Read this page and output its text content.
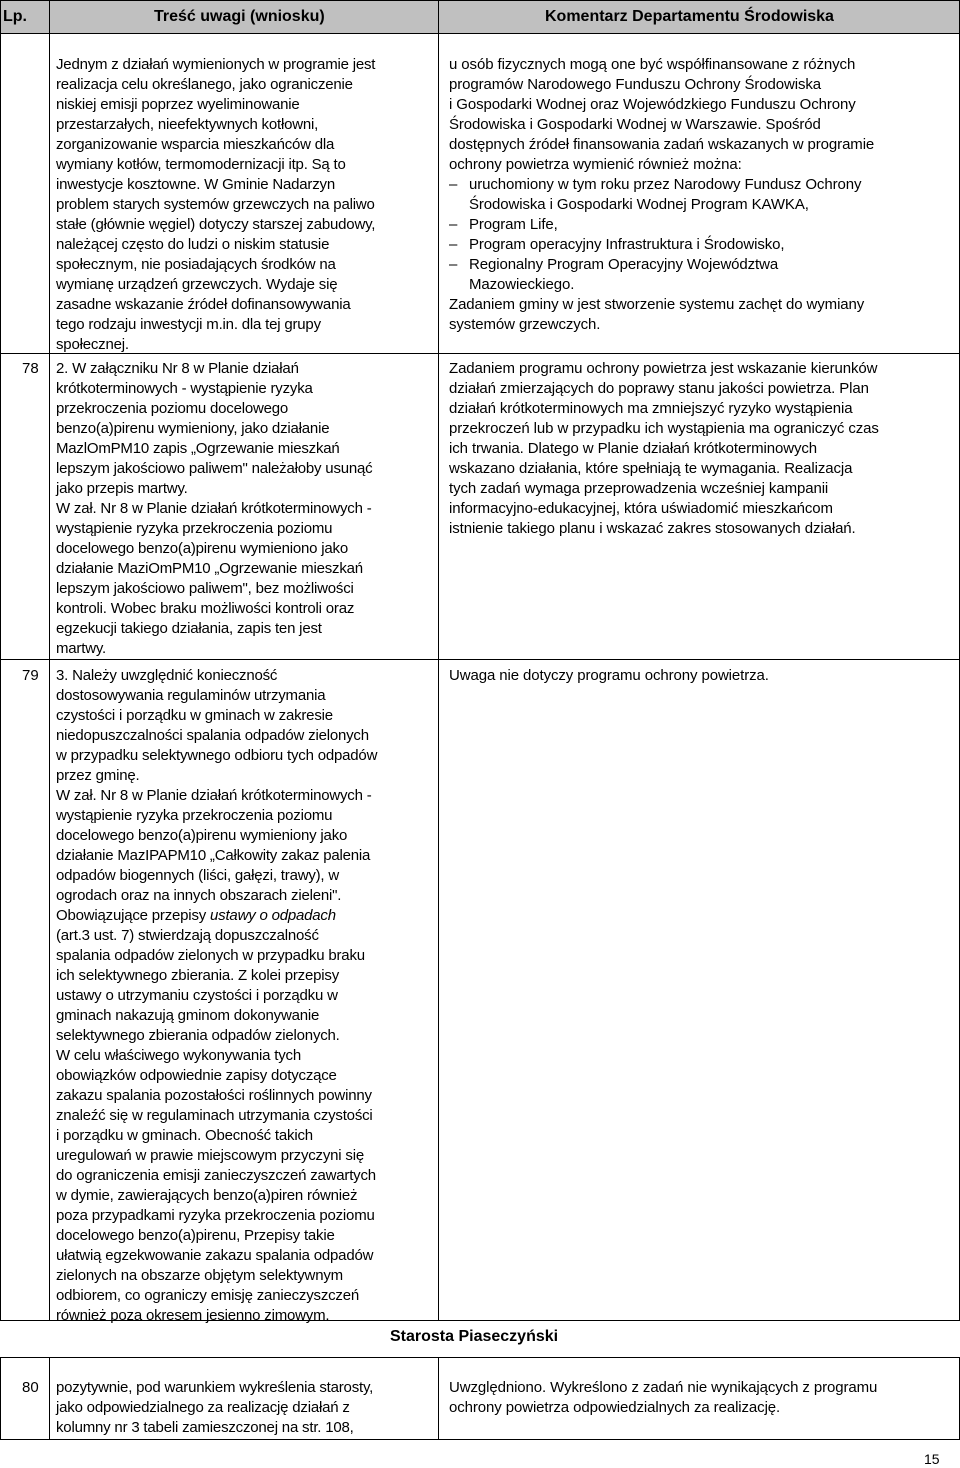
Lp.	Treść uwagi (wniosku)	Komentarz Departamentu Środowiska
Jednym z działań wymienionych w programie jest
realizacja celu określanego, jako ograniczenie
niskiej emisji poprzez wyeliminowanie
przestarzałych, nieefektywnych kotłowni,
zorganizowanie wsparcia mieszkańców dla
wymiany kotłów, termomodernizacji itp. Są to
inwestycje kosztowne. W Gminie Nadarzyn
problem starych systemów grzewczych na paliwo
stałe (głównie węgiel) dotyczy starszej zabudowy,
należącej często do ludzi o niskim statusie
społecznym, nie posiadających środków na
wymianę urządzeń grzewczych. Wydaje się
zasadne wskazanie źródeł dofinansowywania
tego rodzaju inwestycji m.in. dla tej grupy
społecznej.
u osób fizycznych mogą one być współfinansowane z różnych
programów Narodowego Funduszu Ochrony Środowiska
i Gospodarki Wodnej oraz Wojewódzkiego Funduszu Ochrony
Środowiska i Gospodarki Wodnej w Warszawie. Spośród
dostępnych źródeł finansowania zadań wskazanych w programie
ochrony powietrza wymienić również można:
– uruchomiony w tym roku przez Narodowy Fundusz Ochrony
Środowiska i Gospodarki Wodnej Program KAWKA,
– Program Life,
– Program operacyjny Infrastruktura i Środowisko,
– Regionalny Program Operacyjny Województwa
Mazowieckiego.
Zadaniem gminy w jest stworzenie systemu zachęt do wymiany
systemów grzewczych.
78 2. W załączniku Nr 8 w Planie działań
krótkoterminowych - wystąpienie ryzyka
przekroczenia poziomu docelowego
benzo(a)pirenu wymieniony, jako działanie
MazlOmPM10 zapis „Ogrzewanie mieszkań
lepszym jakościowo paliwem" należałoby usunąć
jako przepis martwy.
W zał. Nr 8 w Planie działań krótkoterminowych -
wystąpienie ryzyka przekroczenia poziomu
docelowego benzo(a)pirenu wymieniono jako
działanie MaziOmPM10 „Ogrzewanie mieszkań
lepszym jakościowo paliwem", bez możliwości
kontroli. Wobec braku możliwości kontroli oraz
egzekucji takiego działania, zapis ten jest
martwy.
Zadaniem programu ochrony powietrza jest wskazanie kierunków
działań zmierzających do poprawy stanu jakości powietrza. Plan
działań krótkoterminowych ma zmniejszyć ryzyko wystąpienia
przekroczeń lub w przypadku ich wystąpienia ma ograniczyć czas
ich trwania. Dlatego w Planie działań krótkoterminowych
wskazano działania, które spełniają te wymagania. Realizacja
tych zadań wymaga przeprowadzenia wcześniej kampanii
informacyjno-edukacyjnej, która uświadomić mieszkańcom
istnienie takiego planu i wskazać zakres stosowanych działań.
79 3. Należy uwzględnić konieczność
dostosowywania regulaminów utrzymania
czystości i porządku w gminach w zakresie
niedopuszczalności spalania odpadów zielonych
w przypadku selektywnego odbioru tych odpadów
przez gminę.
W zał. Nr 8 w Planie działań krótkoterminowych -
wystąpienie ryzyka przekroczenia poziomu
docelowego benzo(a)pirenu wymieniony jako
działanie MazIPAPM10 „Całkowity zakaz palenia
odpadów biogennych (liści, gałęzi, trawy), w
ogrodach oraz na innych obszarach zieleni".
Obowiązujące przepisy ustawy o odpadach
(art.3 ust. 7) stwierdzają dopuszczalność
spalania odpadów zielonych w przypadku braku
ich selektywnego zbierania. Z kolei przepisy
ustawy o utrzymaniu czystości i porządku w
gminach nakazują gminom dokonywanie
selektywnego zbierania odpadów zielonych.
W celu właściwego wykonywania tych
obowiązków odpowiednie zapisy dotyczące
zakazu spalania pozostałości roślinnych powinny
znaleźć się w regulaminach utrzymania czystości
i porządku w gminach. Obecność takich
uregulowań w prawie miejscowym przyczyni się
do ograniczenia emisji zanieczyszczeń zawartych
w dymie, zawierających benzo(a)piren również
poza przypadkami ryzyka przekroczenia poziomu
docelowego benzo(a)pirenu, Przepisy takie
ułatwią egzekwowanie zakazu spalania odpadów
zielonych na obszarze objętym selektywnym
odbiorem, co ograniczy emisję zanieczyszczeń
również poza okresem jesienno zimowym.
Uwaga nie dotyczy programu ochrony powietrza.
Starosta Piaseczyński
80 pozytywnie, pod warunkiem wykreślenia starosty,
jako odpowiedzialnego za realizację działań z
kolumny nr 3 tabeli zamieszczonej na str. 108,
Uwzględniono. Wykreślono z zadań nie wynikających z programu
ochrony powietrza odpowiedzialnych za realizację.
15
